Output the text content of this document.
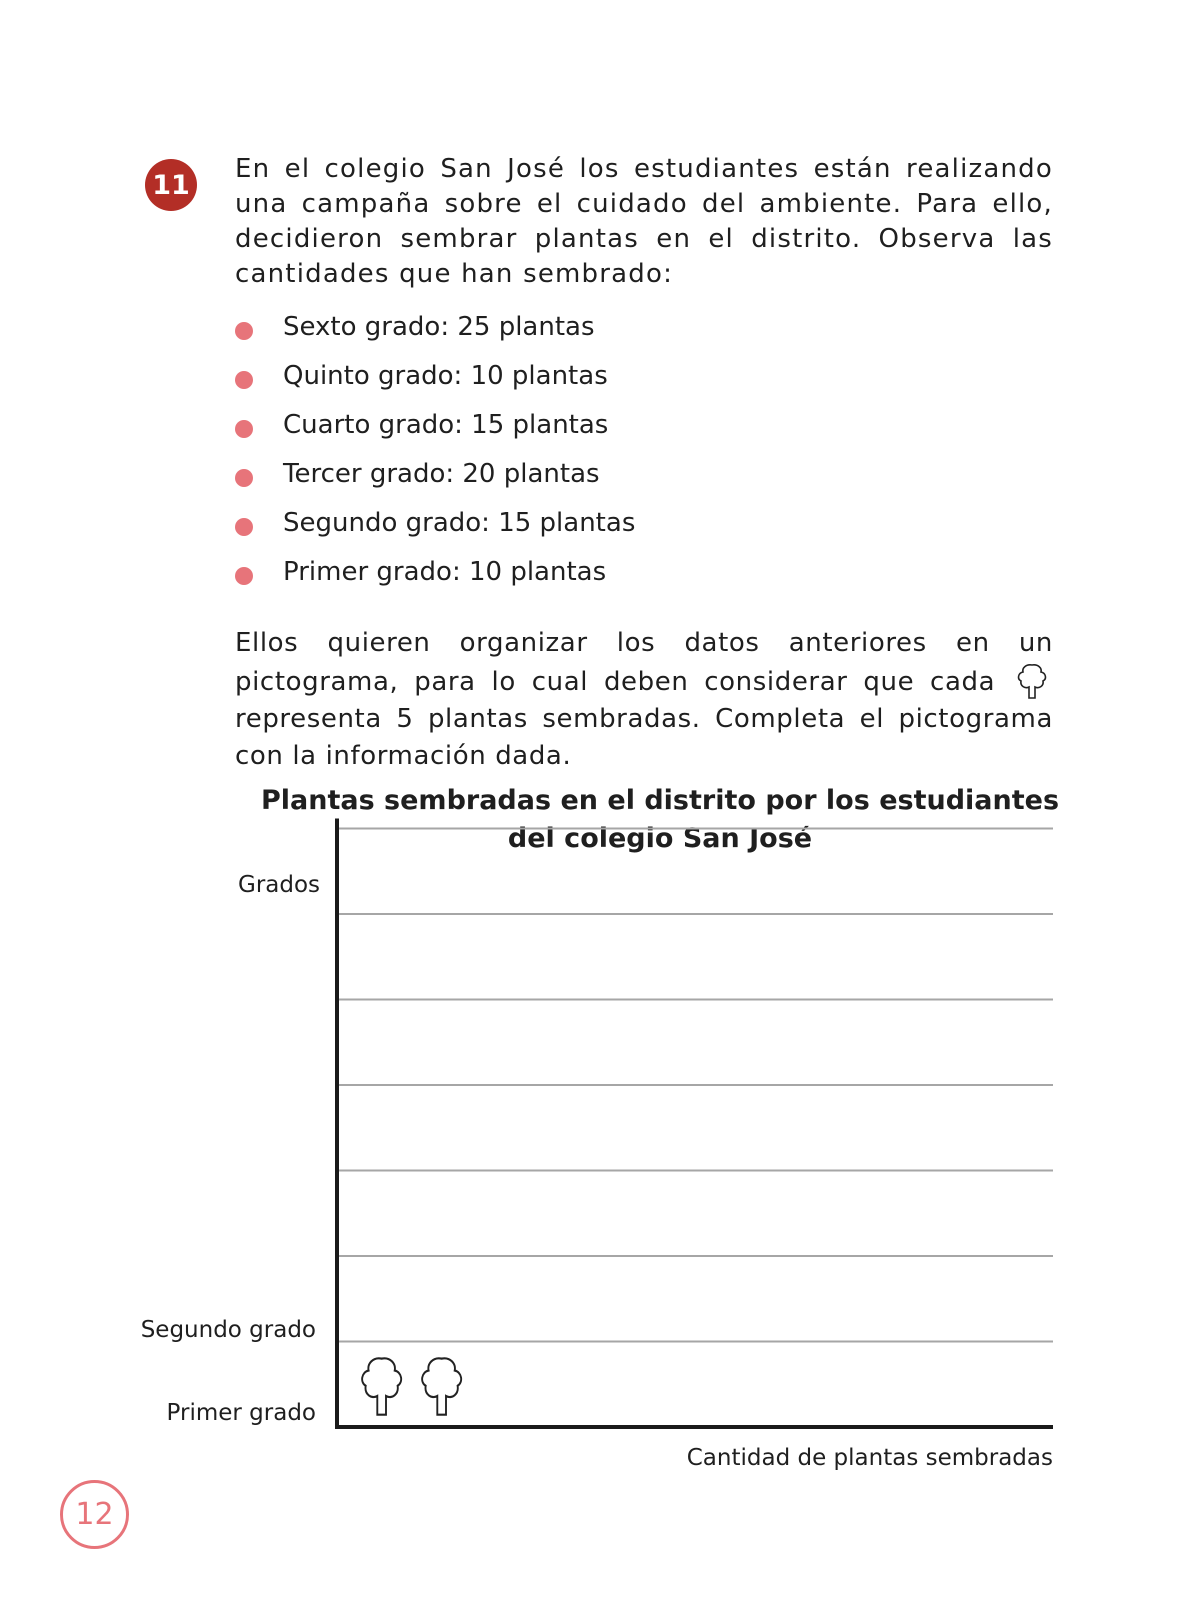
11

En el colegio San José los estudiantes están realizando una campaña sobre el cuidado del ambiente. Para ello, decidieron sembrar plantas en el distrito. Observa las cantidades que han sembrado:

Sexto grado: 25 plantas
Quinto grado: 10 plantas
Cuarto grado: 15 plantas
Tercer grado: 20 plantas
Segundo grado: 15 plantas
Primer grado: 10 plantas

Ellos quieren organizar los datos anteriores en un pictograma, para lo cual deben considerar que cada  representa 5 plantas sembradas. Completa el pictograma con la información dada.

Plantas sembradas en el distrito por los estudiantes
del colegio San José
Grados
Segundo grado
Primer grado
Cantidad de plantas sembradas
12
